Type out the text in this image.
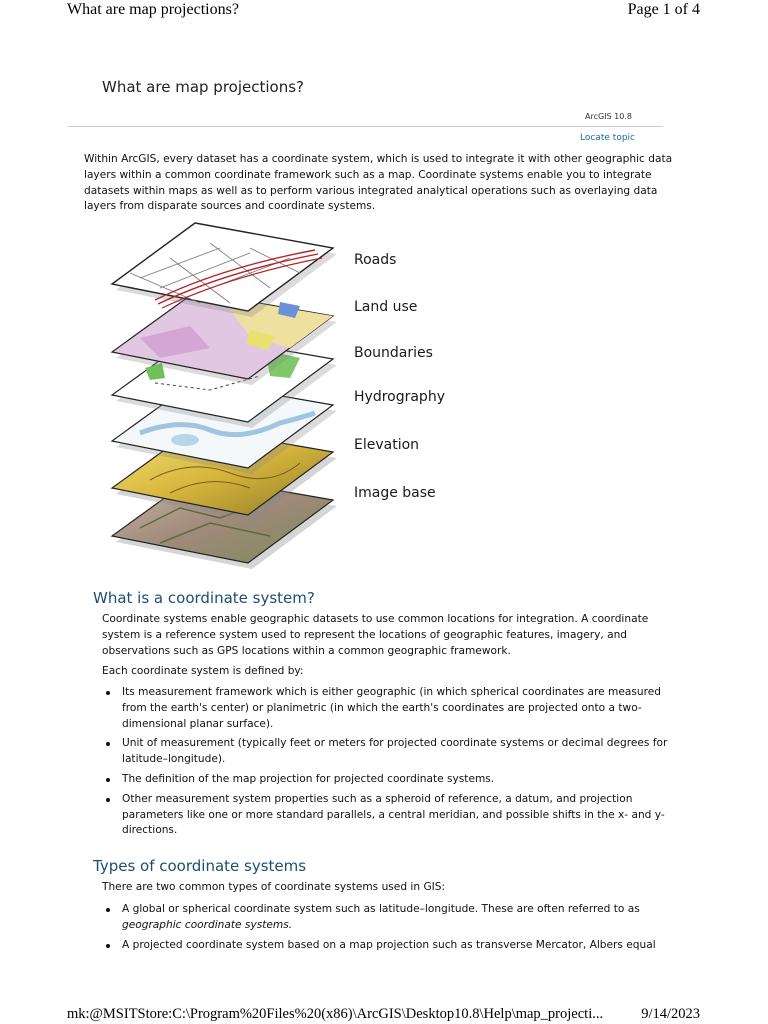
What are map projections?	Page 1 of 4
What are map projections?
ArcGIS 10.8
Locate topic

Within ArcGIS, every dataset has a coordinate system, which is used to integrate it with other geographic data layers within a common coordinate framework such as a map. Coordinate systems enable you to integrate datasets within maps as well as to perform various integrated analytical operations such as overlaying data layers from disparate sources and coordinate systems.

Roads
Land use
Boundaries
Hydrography
Elevation
Image base
What is a coordinate system?

Coordinate systems enable geographic datasets to use common locations for integration. A coordinate system is a reference system used to represent the locations of geographic features, imagery, and observations such as GPS locations within a common geographic framework.

Each coordinate system is defined by:

Its measurement framework which is either geographic (in which spherical coordinates are measured from the earth's center) or planimetric (in which the earth's coordinates are projected onto a two-dimensional planar surface).
Unit of measurement (typically feet or meters for projected coordinate systems or decimal degrees for latitude–longitude).
The definition of the map projection for projected coordinate systems.
Other measurement system properties such as a spheroid of reference, a datum, and projection parameters like one or more standard parallels, a central meridian, and possible shifts in the x- and y-directions.
Types of coordinate systems

There are two common types of coordinate systems used in GIS:

A global or spherical coordinate system such as latitude–longitude. These are often referred to as
geographic coordinate systems.
A projected coordinate system based on a map projection such as transverse Mercator, Albers equal
mk:@MSITStore:C:\Program%20Files%20(x86)\ArcGIS\Desktop10.8\Help\map_projecti...	9/14/2023
